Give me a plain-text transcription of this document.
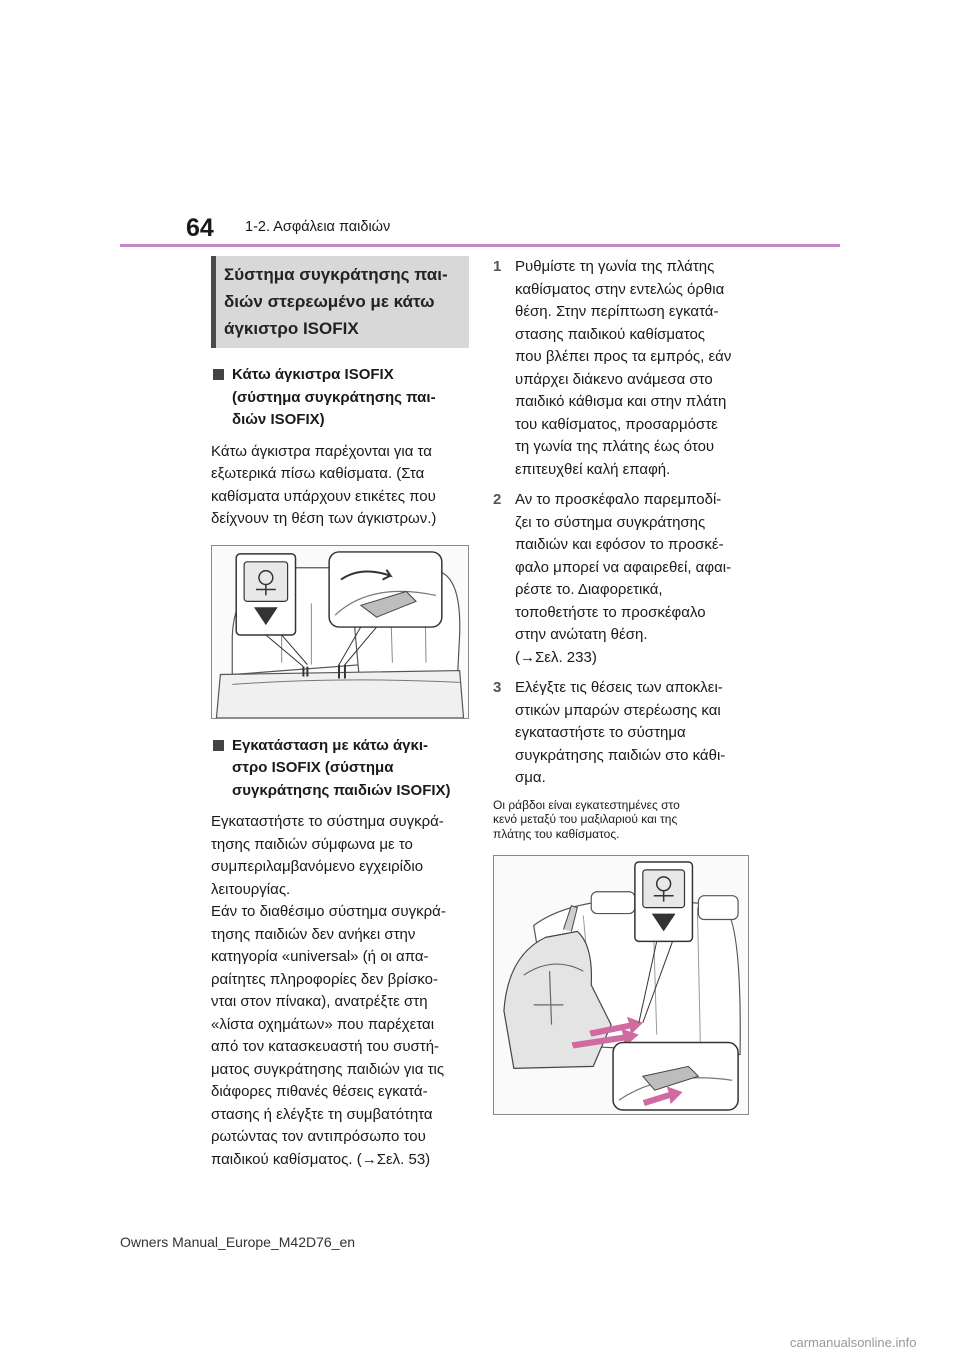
64 1-2. Ασφάλεια παιδιών
Σύστημα συγκράτησης παι-
διών στερεωμένο με κάτω
άγκιστρο ISOFIX
Κάτω άγκιστρα ISOFIX
(σύστημα συγκράτησης παι-
διών ISOFIX)
Κάτω άγκιστρα παρέχονται για τα
εξωτερικά πίσω καθίσματα. (Στα
καθίσματα υπάρχουν ετικέτες που
δείχνουν τη θέση των άγκιστρων.)
Εγκατάσταση με κάτω άγκι-
στρο ISOFIX (σύστημα
συγκράτησης παιδιών ISOFIX)
Εγκαταστήστε το σύστημα συγκρά-
τησης παιδιών σύμφωνα με το
συμπεριλαμβανόμενο εγχειρίδιο
λειτουργίας.
Εάν το διαθέσιμο σύστημα συγκρά-
τησης παιδιών δεν ανήκει στην
κατηγορία «universal» (ή οι απα-
ραίτητες πληροφορίες δεν βρίσκο-
νται στον πίνακα), ανατρέξτε στη
«λίστα οχημάτων» που παρέχεται
από τον κατασκευαστή του συστή-
ματος συγκράτησης παιδιών για τις
διάφορες πιθανές θέσεις εγκατά-
στασης ή ελέγξτε τη συμβατότητα
ρωτώντας τον αντιπρόσωπο του
παιδικού καθίσματος. (→Σελ. 53)
1 Ρυθμίστε τη γωνία της πλάτης
καθίσματος στην εντελώς όρθια
θέση. Στην περίπτωση εγκατά-
στασης παιδικού καθίσματος
που βλέπει προς τα εμπρός, εάν
υπάρχει διάκενο ανάμεσα στο
παιδικό κάθισμα και στην πλάτη
του καθίσματος, προσαρμόστε
τη γωνία της πλάτης έως ότου
επιτευχθεί καλή επαφή.
2 Αν το προσκέφαλο παρεμποδί-
ζει το σύστημα συγκράτησης
παιδιών και εφόσον το προσκέ-
φαλο μπορεί να αφαιρεθεί, αφαι-
ρέστε το. Διαφορετικά,
τοποθετήστε το προσκέφαλο
στην ανώτατη θέση.
(→Σελ. 233)
3 Ελέγξτε τις θέσεις των αποκλει-
στικών μπαρών στερέωσης και
εγκαταστήστε το σύστημα
συγκράτησης παιδιών στο κάθι-
σμα.
Οι ράβδοι είναι εγκατεστημένες στο
κενό μεταξύ του μαξιλαριού και της
πλάτης του καθίσματος.
Owners Manual_Europe_M42D76_en
carmanualsonline.info
